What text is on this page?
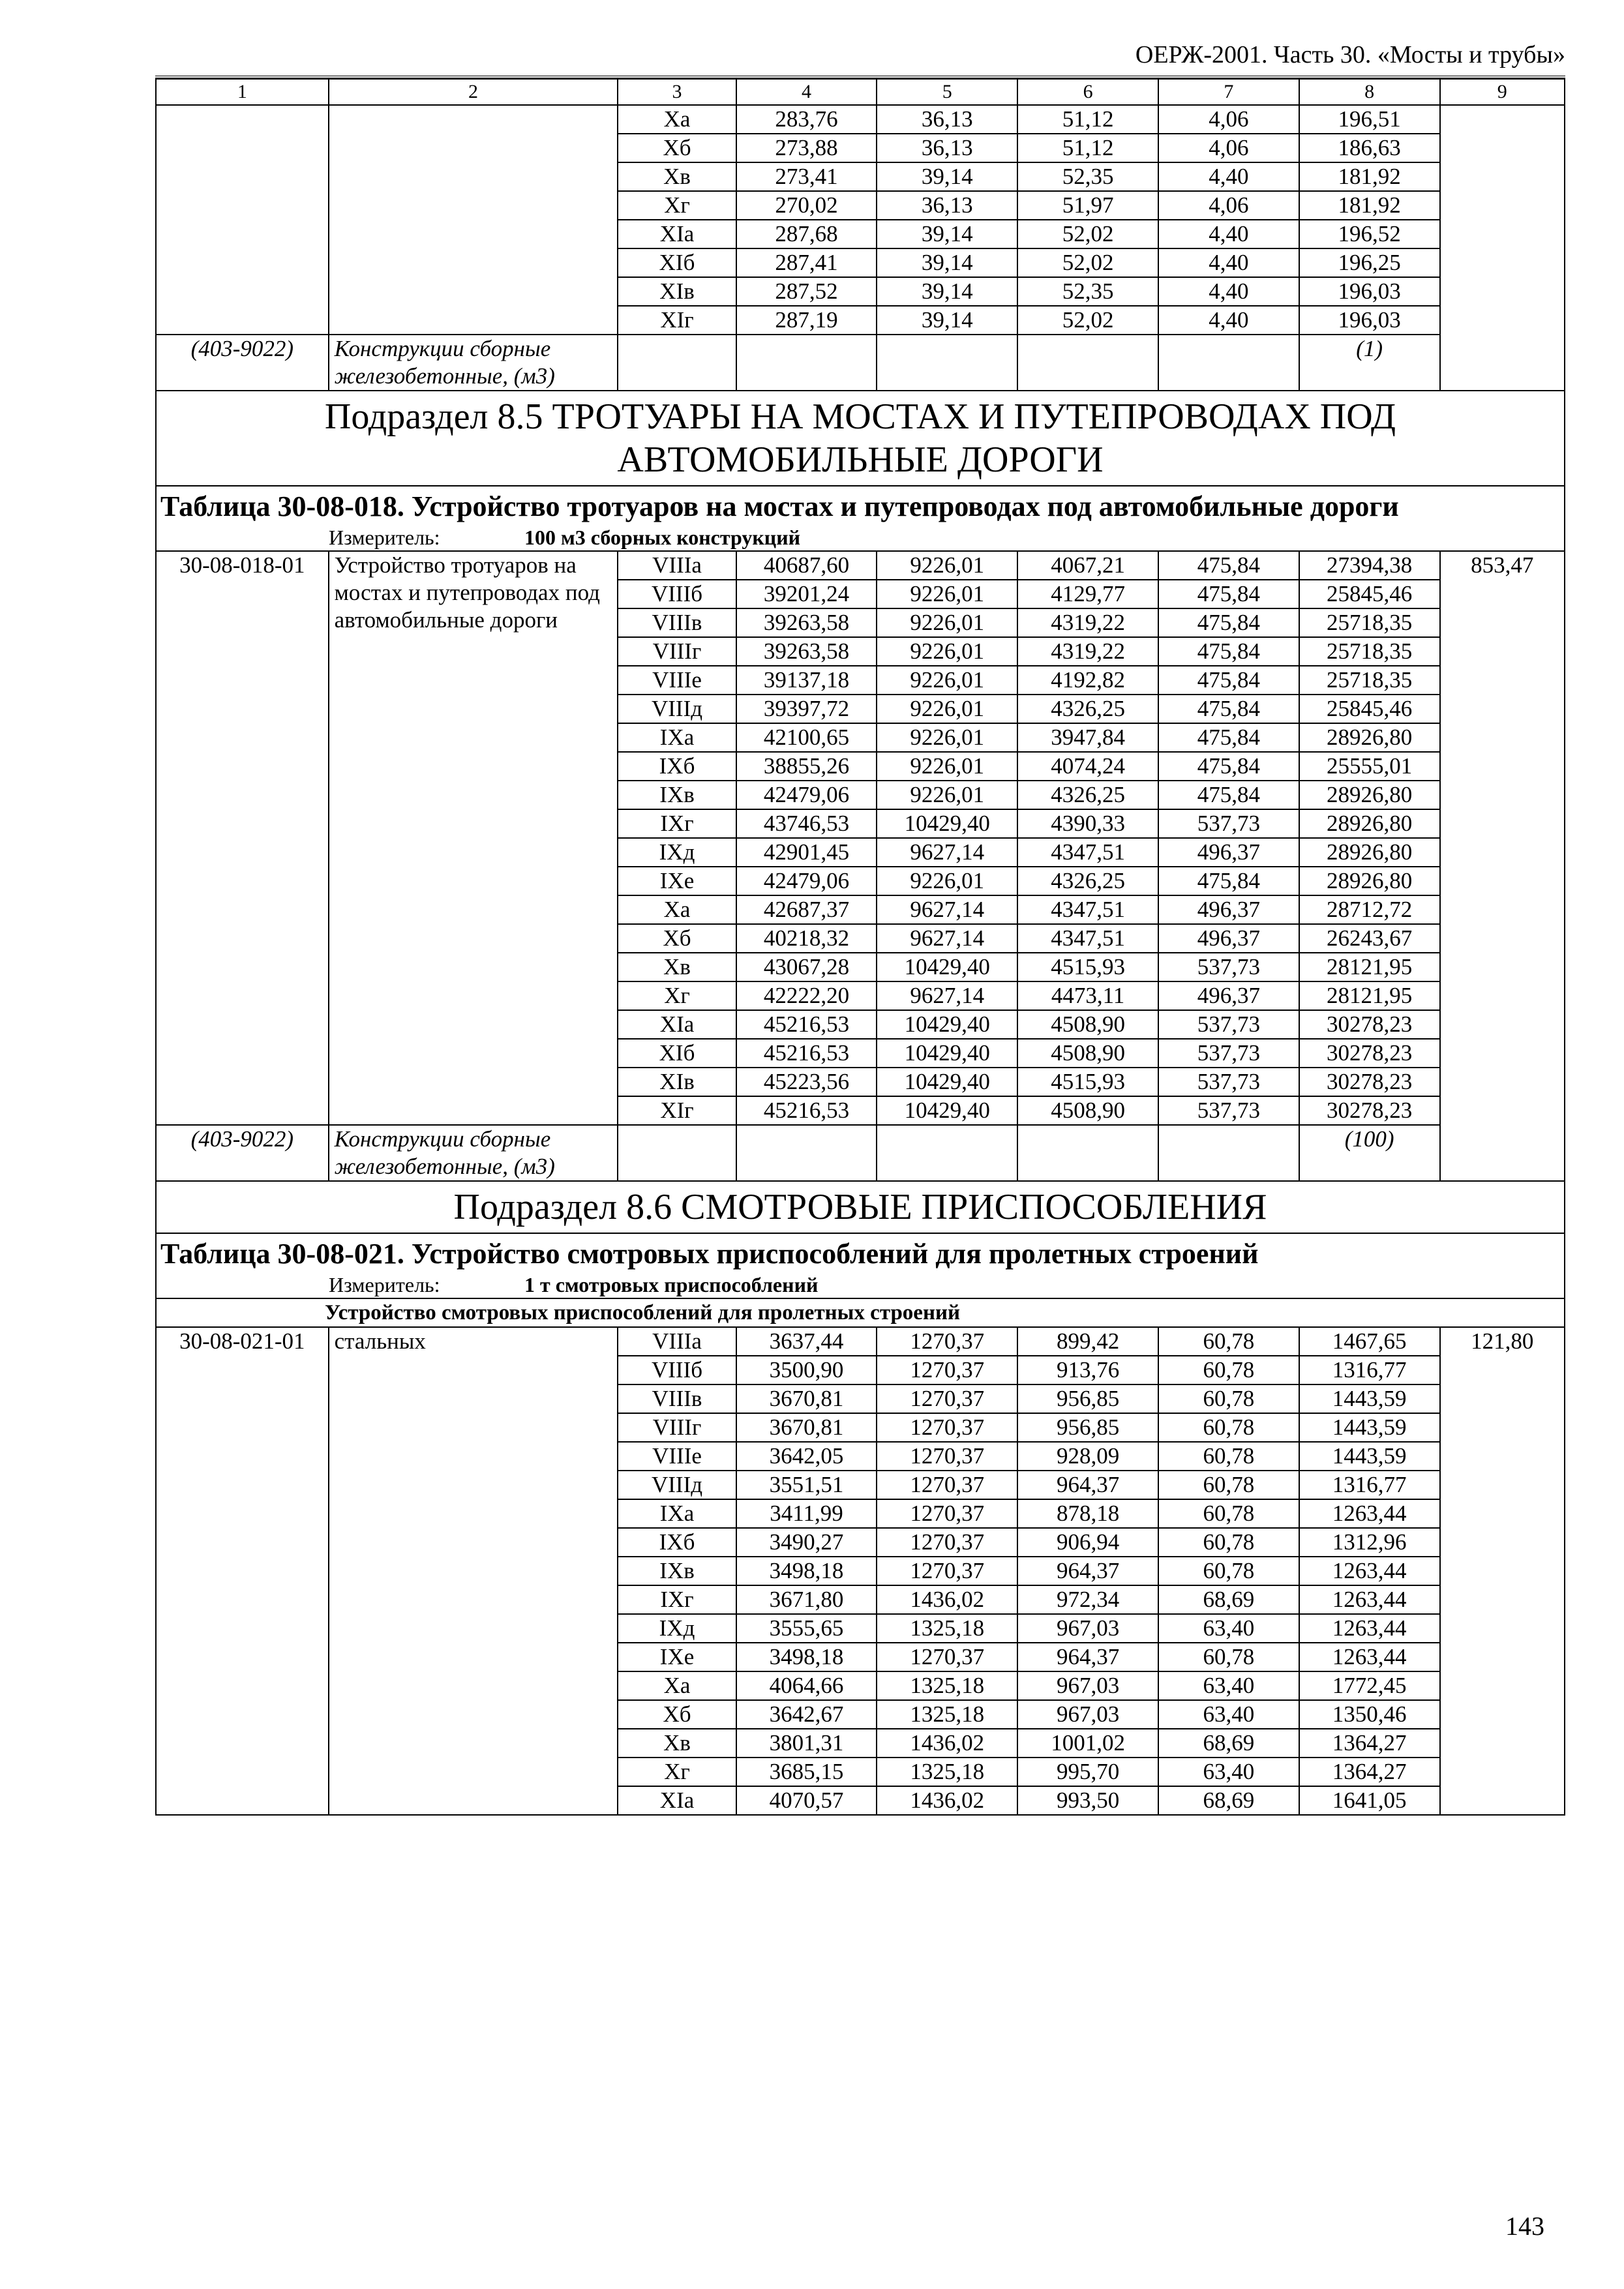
ОЕРЖ-2001. Часть 30. «Мосты и трубы»
1	2	3	4	5	6	7	8	9
		Xa	283,76	36,13	51,12	4,06	196,51	
		Xб	273,88	36,13	51,12	4,06	186,63	
		Xв	273,41	39,14	52,35	4,40	181,92	
		Xг	270,02	36,13	51,97	4,06	181,92	
		XIa	287,68	39,14	52,02	4,40	196,52	
		XIб	287,41	39,14	52,02	4,40	196,25	
		XIв	287,52	39,14	52,35	4,40	196,03	
		XIг	287,19	39,14	52,02	4,40	196,03	
(403-9022)	Конструкции сборные железобетонные, (м3)						(1)	

Подраздел 8.5 ТРОТУАРЫ НА МОСТАХ И ПУТЕПРОВОДАХ ПОД
АВТОМОБИЛЬНЫЕ ДОРОГИ								

Таблица 30-08-018. Устройство тротуаров на мостах и путепроводах под автомобильные дороги
Измеритель: 100 м3 сборных конструкций								

30-08-018-01	Устройство тротуаров на мостах и путепроводах под автомобильные дороги	VIIIa	40687,60	9226,01	4067,21	475,84	27394,38	853,47
		VIIIб	39201,24	9226,01	4129,77	475,84	25845,46	
		VIIIв	39263,58	9226,01	4319,22	475,84	25718,35	
		VIIIг	39263,58	9226,01	4319,22	475,84	25718,35	
		VIIIe	39137,18	9226,01	4192,82	475,84	25718,35	
		VIIIд	39397,72	9226,01	4326,25	475,84	25845,46	
		IXa	42100,65	9226,01	3947,84	475,84	28926,80	
		IXб	38855,26	9226,01	4074,24	475,84	25555,01	
		IXв	42479,06	9226,01	4326,25	475,84	28926,80	
		IXг	43746,53	10429,40	4390,33	537,73	28926,80	
		IXд	42901,45	9627,14	4347,51	496,37	28926,80	
		IXe	42479,06	9226,01	4326,25	475,84	28926,80	
		Xa	42687,37	9627,14	4347,51	496,37	28712,72	
		Xб	40218,32	9627,14	4347,51	496,37	26243,67	
		Xв	43067,28	10429,40	4515,93	537,73	28121,95	
		Xг	42222,20	9627,14	4473,11	496,37	28121,95	
		XIa	45216,53	10429,40	4508,90	537,73	30278,23	
		XIб	45216,53	10429,40	4508,90	537,73	30278,23	
		XIв	45223,56	10429,40	4515,93	537,73	30278,23	
		XIг	45216,53	10429,40	4508,90	537,73	30278,23	
(403-9022)	Конструкции сборные железобетонные, (м3)						(100)	

Подраздел 8.6 СМОТРОВЫЕ ПРИСПОСОБЛЕНИЯ								

Таблица 30-08-021. Устройство смотровых приспособлений для пролетных строений
Измеритель: 1 т смотровых приспособлений								

Устройство смотровых приспособлений для пролетных строений								
30-08-021-01	стальных	VIIIa	3637,44	1270,37	899,42	60,78	1467,65	121,80
		VIIIб	3500,90	1270,37	913,76	60,78	1316,77	
		VIIIв	3670,81	1270,37	956,85	60,78	1443,59	
		VIIIг	3670,81	1270,37	956,85	60,78	1443,59	
		VIIIe	3642,05	1270,37	928,09	60,78	1443,59	
		VIIIд	3551,51	1270,37	964,37	60,78	1316,77	
		IXa	3411,99	1270,37	878,18	60,78	1263,44	
		IXб	3490,27	1270,37	906,94	60,78	1312,96	
		IXв	3498,18	1270,37	964,37	60,78	1263,44	
		IXг	3671,80	1436,02	972,34	68,69	1263,44	
		IXд	3555,65	1325,18	967,03	63,40	1263,44	
		IXe	3498,18	1270,37	964,37	60,78	1263,44	
		Xa	4064,66	1325,18	967,03	63,40	1772,45	
		Xб	3642,67	1325,18	967,03	63,40	1350,46	
		Xв	3801,31	1436,02	1001,02	68,69	1364,27	
		Xг	3685,15	1325,18	995,70	63,40	1364,27	
		XIa	4070,57	1436,02	993,50	68,69	1641,05	
143
